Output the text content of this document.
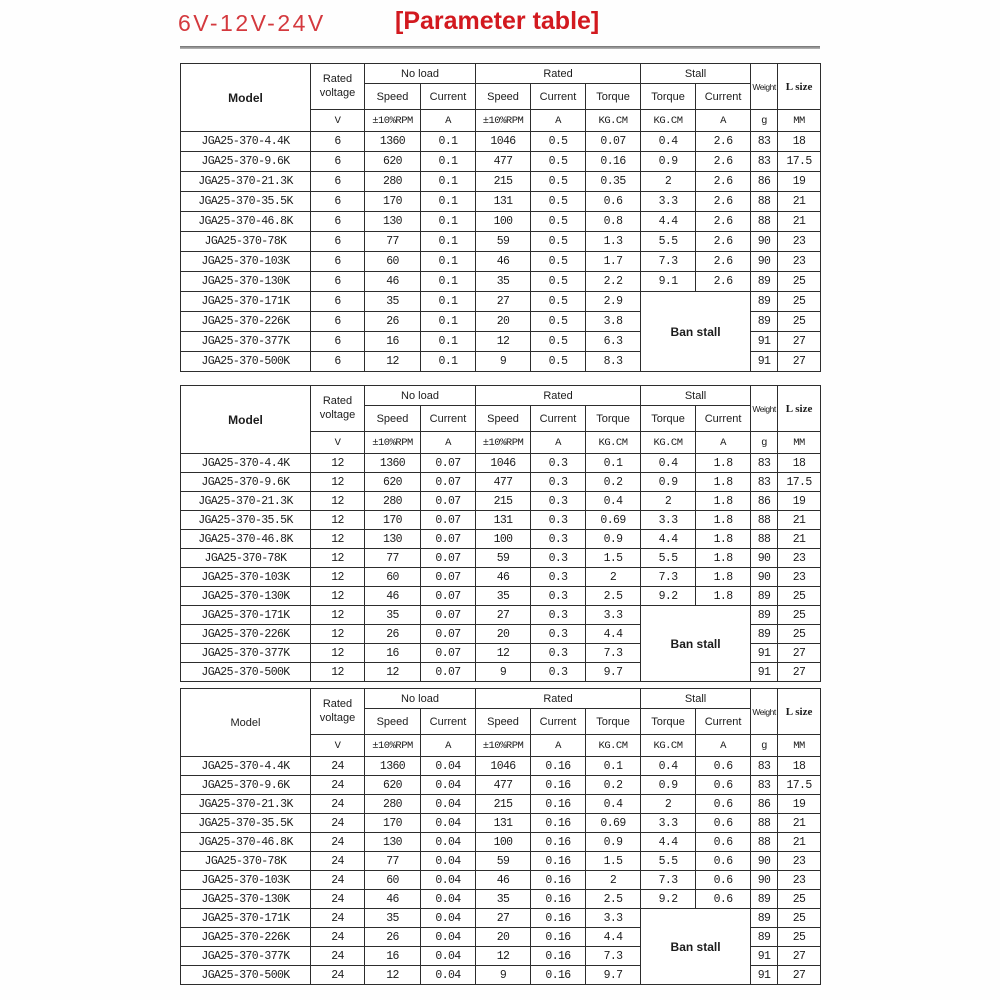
6V-12V-24V	[Parameter table]
Model	Rated voltage	No load		Rated			Stall		Weight	L size
		Speed	Current	Speed	Current	Torque	Torque	Current		
	V	±10%RPM	A	±10%RPM	A	KG.CM	KG.CM	A	g	MM
JGA25-370-4.4K	6	1360	0.1	1046	0.5	0.07	0.4	2.6	83	18
JGA25-370-9.6K	6	620	0.1	477	0.5	0.16	0.9	2.6	83	17.5
JGA25-370-21.3K	6	280	0.1	215	0.5	0.35	2	2.6	86	19
JGA25-370-35.5K	6	170	0.1	131	0.5	0.6	3.3	2.6	88	21
JGA25-370-46.8K	6	130	0.1	100	0.5	0.8	4.4	2.6	88	21
JGA25-370-78K	6	77	0.1	59	0.5	1.3	5.5	2.6	90	23
JGA25-370-103K	6	60	0.1	46	0.5	1.7	7.3	2.6	90	23
JGA25-370-130K	6	46	0.1	35	0.5	2.2	9.1	2.6	89	25
JGA25-370-171K	6	35	0.1	27	0.5	2.9	Ban stall		89	25
JGA25-370-226K	6	26	0.1	20	0.5	3.8			89	25
JGA25-370-377K	6	16	0.1	12	0.5	6.3			91	27
JGA25-370-500K	6	12	0.1	9	0.5	8.3			91	27
Model	Rated voltage	No load		Rated			Stall		Weight	L size
		Speed	Current	Speed	Current	Torque	Torque	Current		
	V	±10%RPM	A	±10%RPM	A	KG.CM	KG.CM	A	g	MM
JGA25-370-4.4K	12	1360	0.07	1046	0.3	0.1	0.4	1.8	83	18
JGA25-370-9.6K	12	620	0.07	477	0.3	0.2	0.9	1.8	83	17.5
JGA25-370-21.3K	12	280	0.07	215	0.3	0.4	2	1.8	86	19
JGA25-370-35.5K	12	170	0.07	131	0.3	0.69	3.3	1.8	88	21
JGA25-370-46.8K	12	130	0.07	100	0.3	0.9	4.4	1.8	88	21
JGA25-370-78K	12	77	0.07	59	0.3	1.5	5.5	1.8	90	23
JGA25-370-103K	12	60	0.07	46	0.3	2	7.3	1.8	90	23
JGA25-370-130K	12	46	0.07	35	0.3	2.5	9.2	1.8	89	25
JGA25-370-171K	12	35	0.07	27	0.3	3.3	Ban stall		89	25
JGA25-370-226K	12	26	0.07	20	0.3	4.4			89	25
JGA25-370-377K	12	16	0.07	12	0.3	7.3			91	27
JGA25-370-500K	12	12	0.07	9	0.3	9.7			91	27
Model	Rated voltage	No load		Rated			Stall		Weight	L size
		Speed	Current	Speed	Current	Torque	Torque	Current		
	V	±10%RPM	A	±10%RPM	A	KG.CM	KG.CM	A	g	MM
JGA25-370-4.4K	24	1360	0.04	1046	0.16	0.1	0.4	0.6	83	18
JGA25-370-9.6K	24	620	0.04	477	0.16	0.2	0.9	0.6	83	17.5
JGA25-370-21.3K	24	280	0.04	215	0.16	0.4	2	0.6	86	19
JGA25-370-35.5K	24	170	0.04	131	0.16	0.69	3.3	0.6	88	21
JGA25-370-46.8K	24	130	0.04	100	0.16	0.9	4.4	0.6	88	21
JGA25-370-78K	24	77	0.04	59	0.16	1.5	5.5	0.6	90	23
JGA25-370-103K	24	60	0.04	46	0.16	2	7.3	0.6	90	23
JGA25-370-130K	24	46	0.04	35	0.16	2.5	9.2	0.6	89	25
JGA25-370-171K	24	35	0.04	27	0.16	3.3	Ban stall		89	25
JGA25-370-226K	24	26	0.04	20	0.16	4.4			89	25
JGA25-370-377K	24	16	0.04	12	0.16	7.3			91	27
JGA25-370-500K	24	12	0.04	9	0.16	9.7			91	27
